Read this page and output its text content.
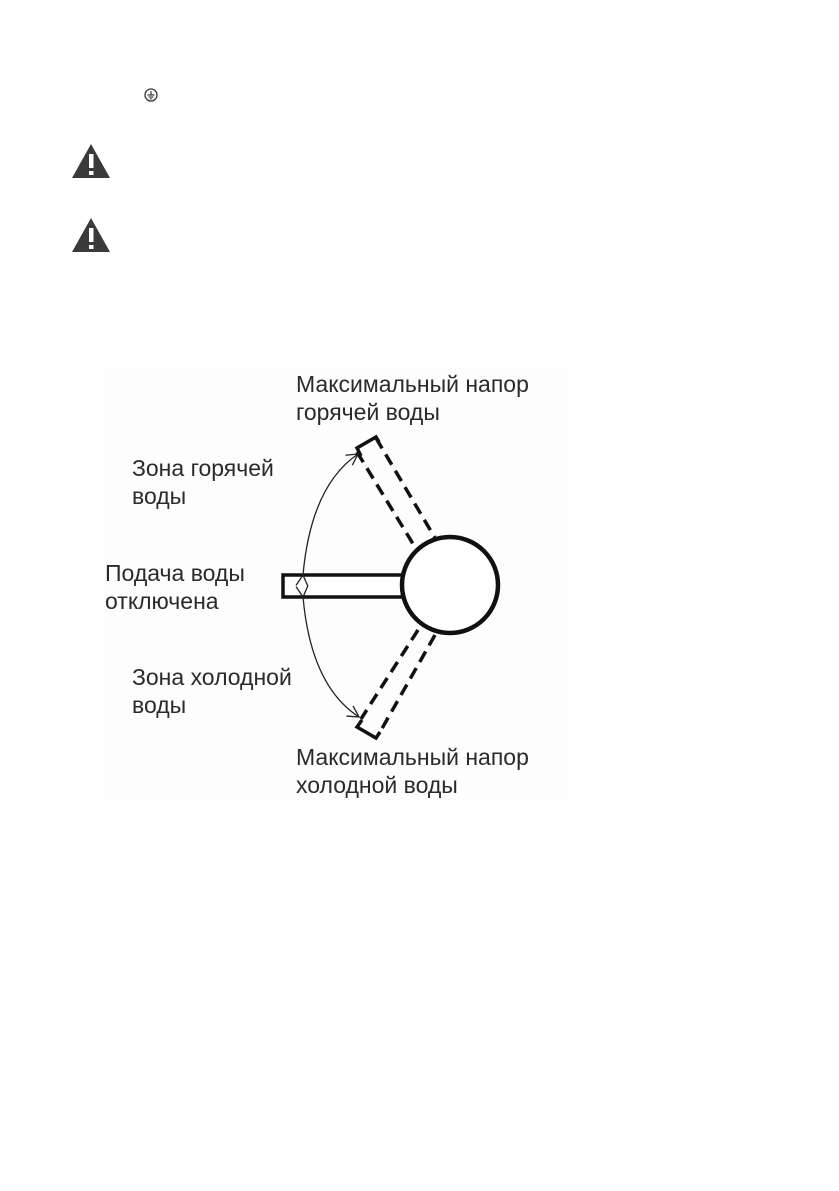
Максимальный напор
горячей воды
Зона горячей
воды
Подача воды
отключена
Зона холодной
воды
Максимальный напор
холодной воды
